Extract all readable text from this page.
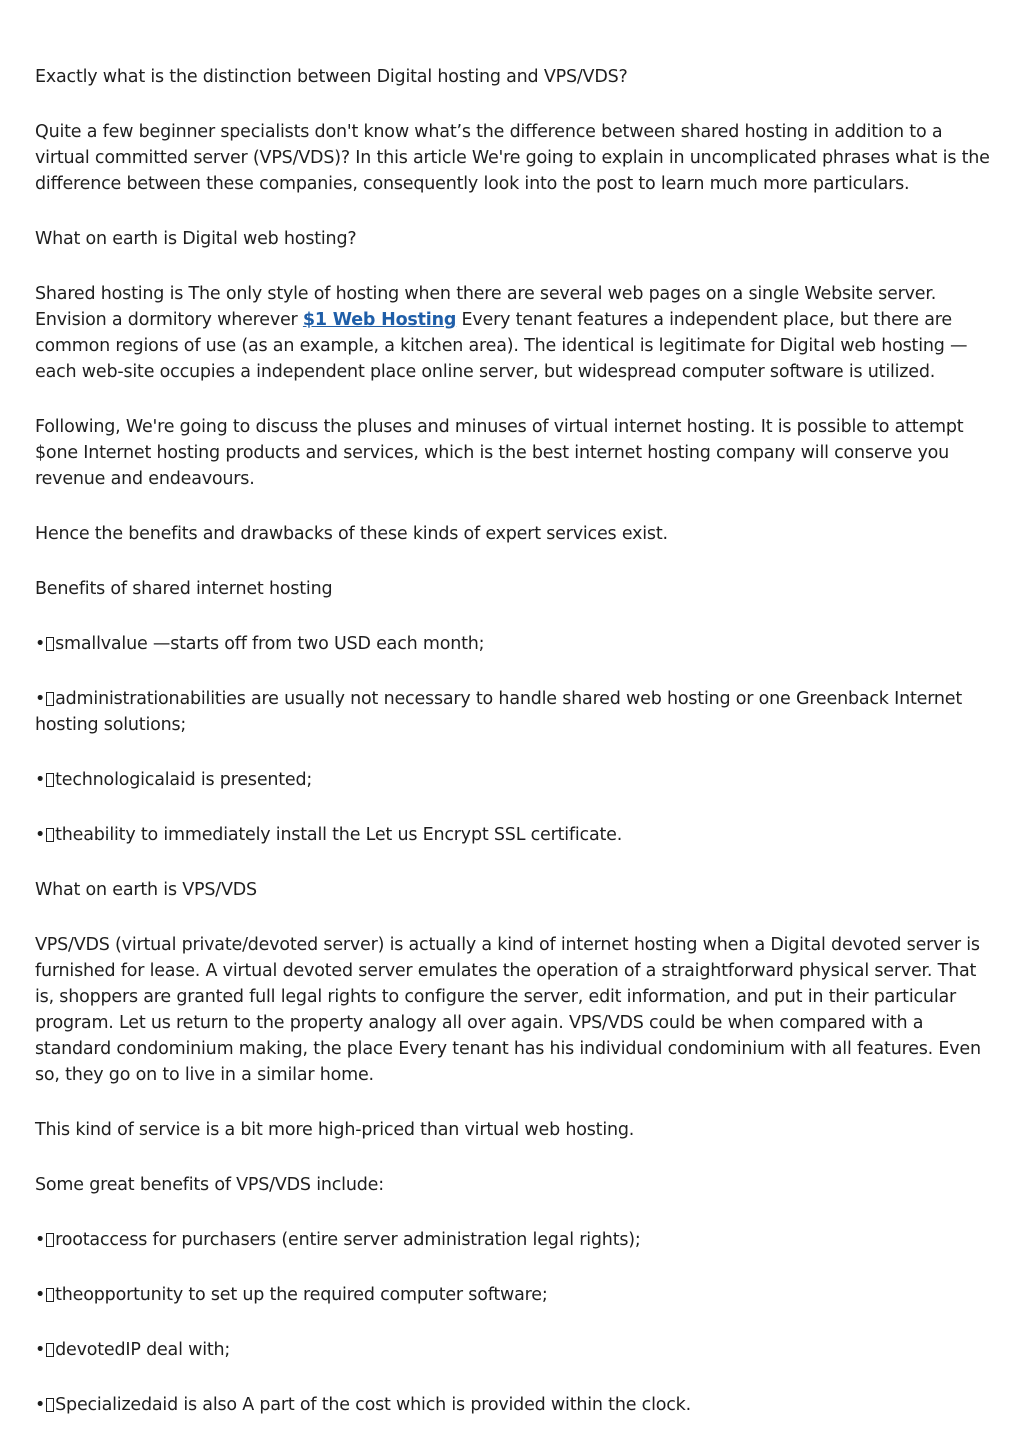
Exactly what is the distinction between Digital hosting and VPS/VDS?

Quite a few beginner specialists don't know what’s the difference between shared hosting in addition to a virtual committed server (VPS/VDS)? In this article We're going to explain in uncomplicated phrases what is the difference between these companies, consequently look into the post to learn much more particulars.

What on earth is Digital web hosting?

Shared hosting is The only style of hosting when there are several web pages on a single Website server. Envision a dormitory wherever $1 Web Hosting Every tenant features a independent place, but there are common regions of use (as an example, a kitchen area). The identical is legitimate for Digital web hosting — each web-site occupies a independent place online server, but widespread computer software is utilized.

Following, We're going to discuss the pluses and minuses of virtual internet hosting. It is possible to attempt $one Internet hosting products and services, which is the best internet hosting company will conserve you revenue and endeavours.

Hence the benefits and drawbacks of these kinds of expert services exist.

Benefits of shared internet hosting

• smallvalue —starts off from two USD each month;

• administrationabilities are usually not necessary to handle shared web hosting or one Greenback Internet hosting solutions;

• technologicalaid is presented;

• theability to immediately install the Let us Encrypt SSL certificate.

What on earth is VPS/VDS

VPS/VDS (virtual private/devoted server) is actually a kind of internet hosting when a Digital devoted server is furnished for lease. A virtual devoted server emulates the operation of a straightforward physical server. That is, shoppers are granted full legal rights to configure the server, edit information, and put in their particular program. Let us return to the property analogy all over again. VPS/VDS could be when compared with a standard condominium making, the place Every tenant has his individual condominium with all features. Even so, they go on to live in a similar home.

This kind of service is a bit more high-priced than virtual web hosting.

Some great benefits of VPS/VDS include:

• rootaccess for purchasers (entire server administration legal rights);

• theopportunity to set up the required computer software;

• devotedIP deal with;

• Specializedaid is also A part of the cost which is provided within the clock.
